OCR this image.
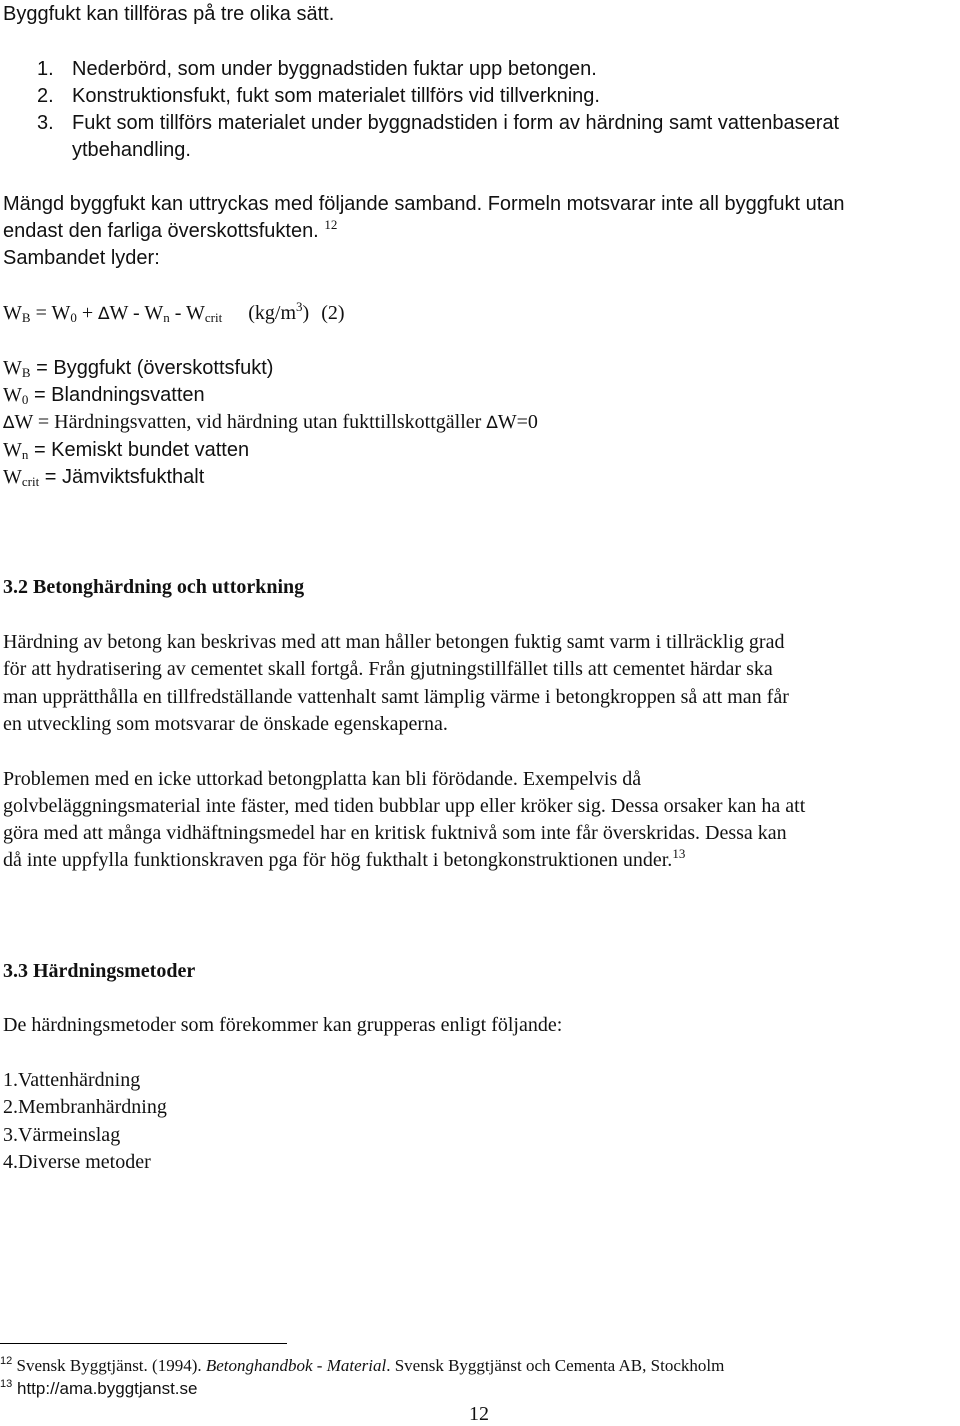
Byggfukt kan tillföras på tre olika sätt.
1. Nederbörd, som under byggnadstiden fuktar upp betongen.
2. Konstruktionsfukt, fukt som materialet tillförs vid tillverkning.
3. Fukt som tillförs materialet under byggnadstiden i form av härdning samt vattenbaserat
ytbehandling.
Mängd byggfukt kan uttryckas med följande samband. Formeln motsvarar inte all byggfukt utan
endast den farliga överskottsfukten. $^{12}$
Sambandet lyder:
$W_B = W_0 + \Delta W - W_n - W_{crit}$ $(kg/m^3)$ (2)
$W_B$ = Byggfukt (överskottsfukt)
$W_0$ = Blandningsvatten
∆W = Härdningsvatten, vid härdning utan fukttillskottgäller ∆W=0
$W_n$ = Kemiskt bundet vatten
$W_{crit}$ = Jämviktsfukthalt
3.2 Betonghärdning och uttorkning
Härdning av betong kan beskrivas med att man håller betongen fuktig samt varm i tillräcklig grad
för att hydratisering av cementet skall fortgå. Från gjutningstillfället tills att cementet härdar ska
man upprätthålla en tillfredställande vattenhalt samt lämplig värme i betongkroppen så att man får
en utveckling som motsvarar de önskade egenskaperna.
Problemen med en icke uttorkad betongplatta kan bli förödande. Exempelvis då
golvbeläggningsmaterial inte fäster, med tiden bubblar upp eller kröker sig. Dessa orsaker kan ha att
göra med att många vidhäftningsmedel har en kritisk fuktnivå som inte får överskridas. Dessa kan
då inte uppfylla funktionskraven pga för hög fukthalt i betongkonstruktionen under.$^{13}$
3.3 Härdningsmetoder
De härdningsmetoder som förekommer kan grupperas enligt följande:
1.Vattenhärdning
2.Membranhärdning
3.Värmeinslag
4.Diverse metoder
$^{12}$ Svensk Byggtjänst. (1994). Betonghandbok - Material. Svensk Byggtjänst och Cementa AB, Stockholm
$^{13}$ http://ama.byggtjanst.se
12
